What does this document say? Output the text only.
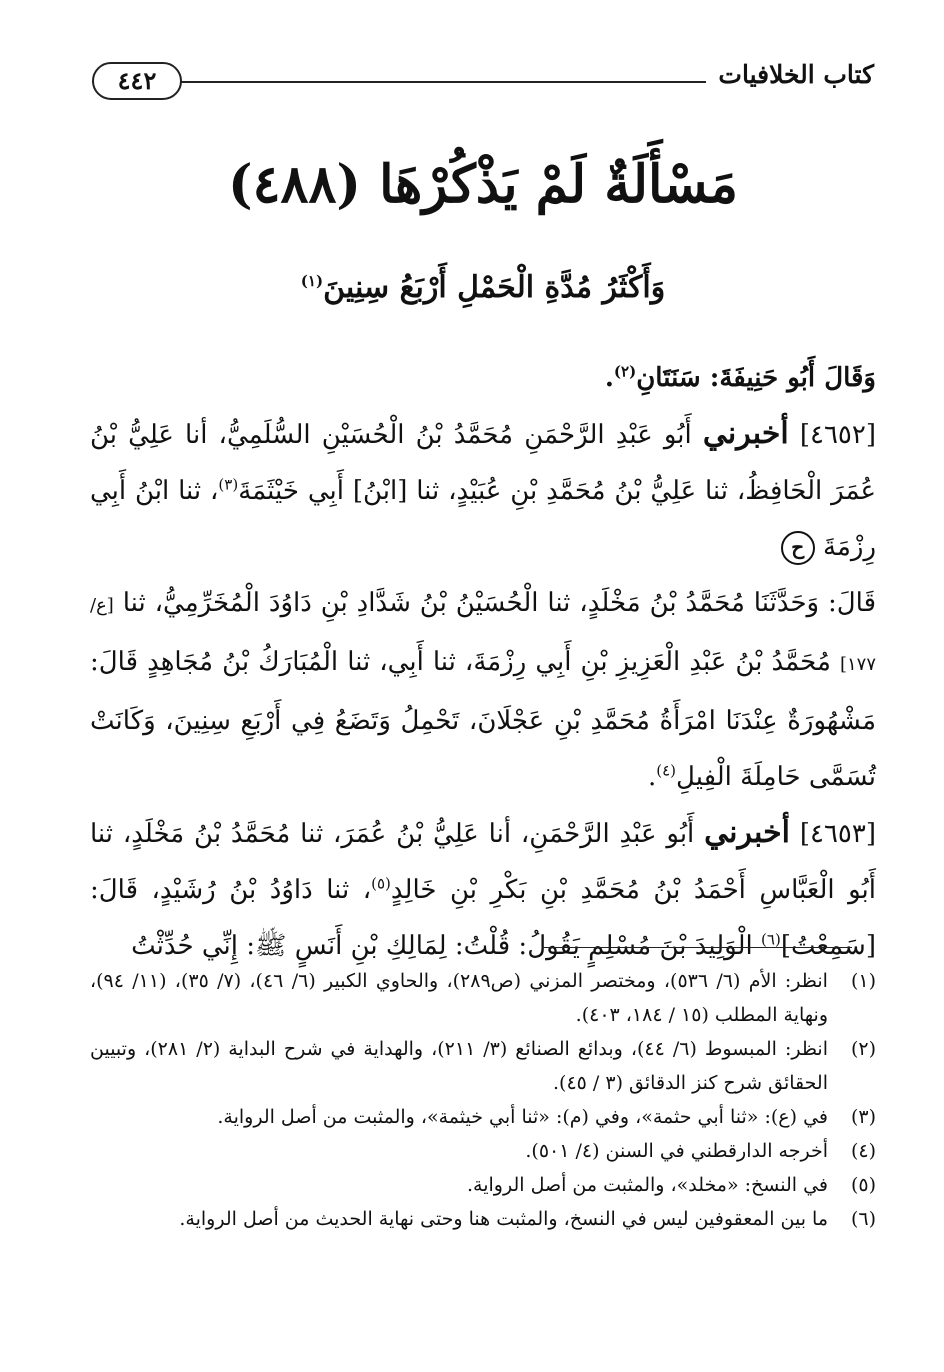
٤٤٢	كتاب الخلافيات
مَسْأَلَةٌ لَمْ يَذْكُرْهَا (٤٨٨)
وَأَكْثَرُ مُدَّةِ الْحَمْلِ أَرْبَعُ سِنِينَ$^{(١)}$

وَقَالَ أَبُو حَنِيفَةَ: سَنَتَانِ$^{(٢)}$.

[٤٦٥٢] أخبرني أَبُو عَبْدِ الرَّحْمَنِ مُحَمَّدُ بْنُ الْحُسَيْنِ السُّلَمِيُّ، أنا عَلِيُّ بْنُ عُمَرَ الْحَافِظُ، ثنا عَلِيُّ بْنُ مُحَمَّدِ بْنِ عُبَيْدٍ، ثنا [ابْنُ] أَبِي خَيْثَمَةَ$^{(٣)}$، ثنا ابْنُ أَبِي رِزْمَةَ ح

قَالَ: وَحَدَّثَنَا مُحَمَّدُ بْنُ مَخْلَدٍ، ثنا الْحُسَيْنُ بْنُ شَدَّادِ بْنِ دَاوُدَ الْمُخَرِّمِيُّ، ثنا [ع/١٧٧] مُحَمَّدُ بْنُ عَبْدِ الْعَزِيزِ بْنِ أَبِي رِزْمَةَ، ثنا أَبِي، ثنا الْمُبَارَكُ بْنُ مُجَاهِدٍ قَالَ: مَشْهُورَةٌ عِنْدَنَا امْرَأَةُ مُحَمَّدِ بْنِ عَجْلَانَ، تَحْمِلُ وَتَضَعُ فِي أَرْبَعِ سِنِينَ، وَكَانَتْ تُسَمَّى حَامِلَةَ الْفِيلِ$^{(٤)}$.

[٤٦٥٣] أخبرني أَبُو عَبْدِ الرَّحْمَنِ، أنا عَلِيُّ بْنُ عُمَرَ، ثنا مُحَمَّدُ بْنُ مَخْلَدٍ، ثنا أَبُو الْعَبَّاسِ أَحْمَدُ بْنُ مُحَمَّدِ بْنِ بَكْرِ بْنِ خَالِدٍ$^{(٥)}$، ثنا دَاوُدُ بْنُ رُشَيْدٍ، قَالَ: [سَمِعْتُ]$^{(٦)}$ الْوَلِيدَ بْنَ مُسْلِمٍ يَقُولُ: قُلْتُ: لِمَالِكِ بْنِ أَنَسٍ ﷺ: إِنِّي حُدِّثْتُ

(١)
انظر: الأم (٦/ ٥٣٦)، ومختصر المزني (ص٢٨٩)، والحاوي الكبير (٦/ ٤٦)، (٧/ ٣٥)، (١١/ ٩٤)، ونهاية المطلب (١٥ / ١٨٤، ٤٠٣).

(٢)
انظر: المبسوط (٦/ ٤٤)، وبدائع الصنائع (٣/ ٢١١)، والهداية في شرح البداية (٢/ ٢٨١)، وتبيين الحقائق شرح كنز الدقائق (٣ / ٤٥).

(٣)
في (ع): «ثنا أبي حثمة»، وفي (م): «ثنا أبي خيثمة»، والمثبت من أصل الرواية.

(٤)
أخرجه الدارقطني في السنن (٤/ ٥٠١).

(٥)
في النسخ: «مخلد»، والمثبت من أصل الرواية.

(٦)
ما بين المعقوفين ليس في النسخ، والمثبت هنا وحتى نهاية الحديث من أصل الرواية.
